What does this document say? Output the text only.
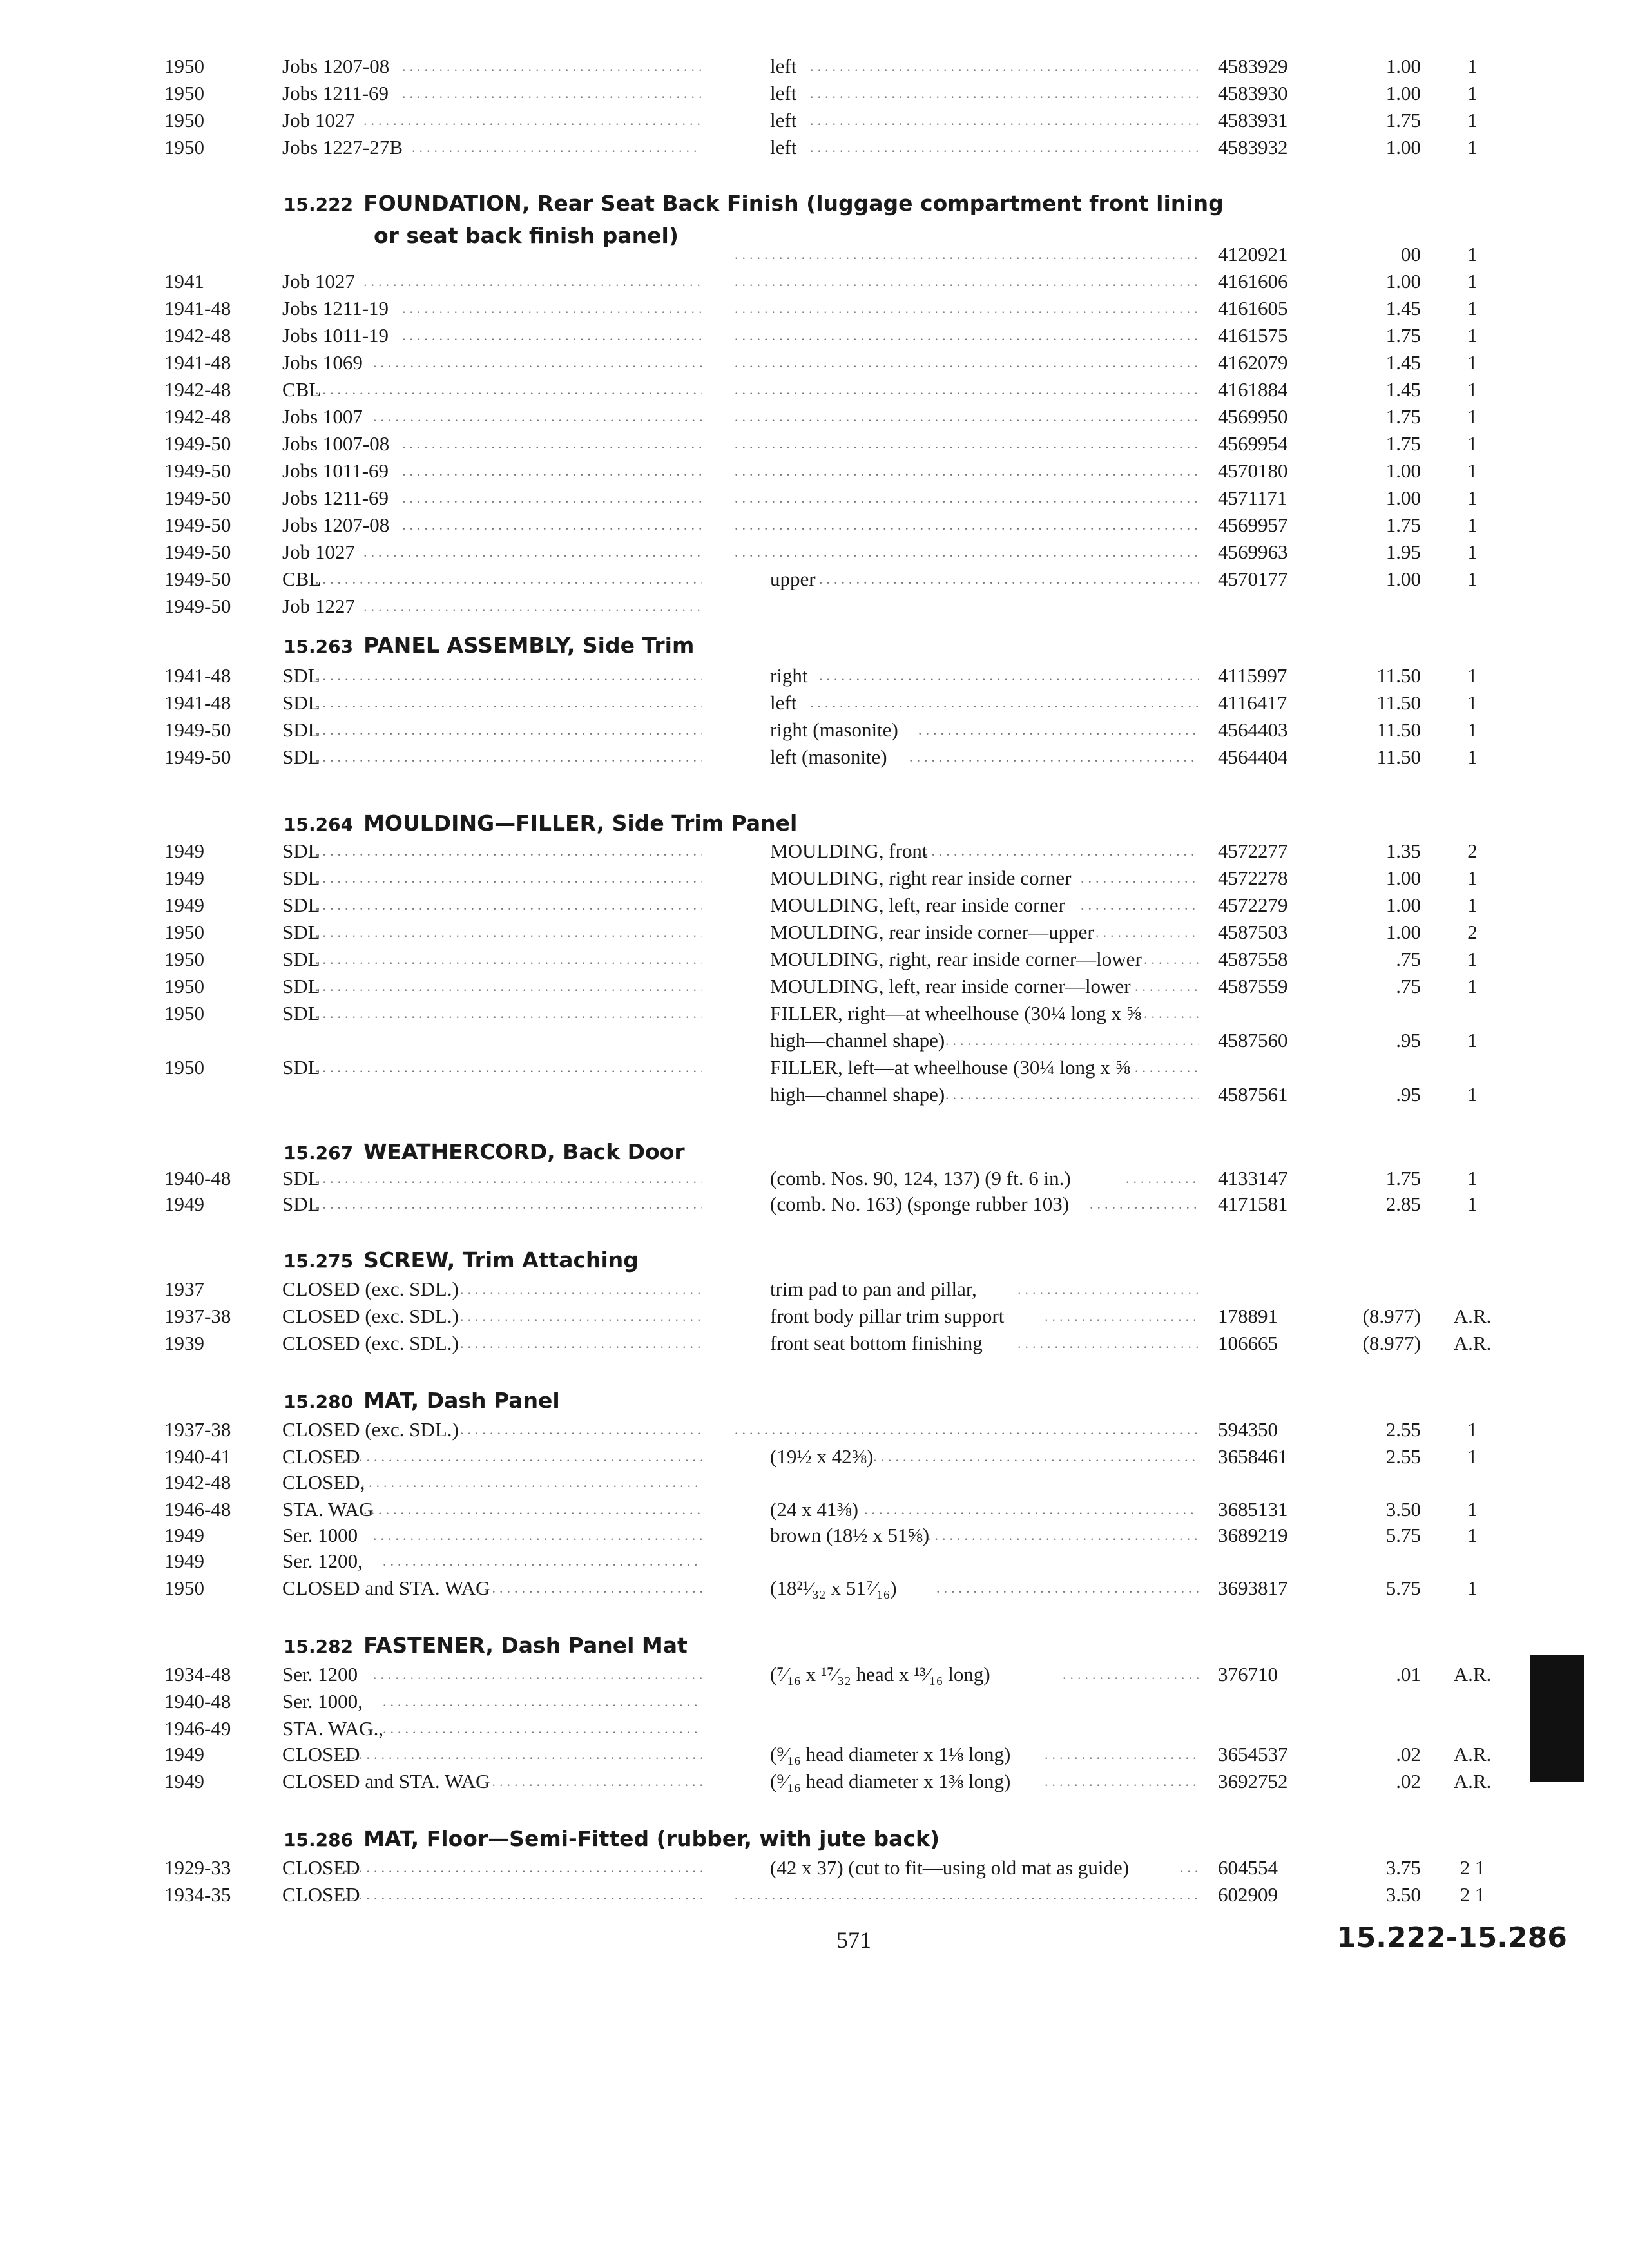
1950	Jobs 1207-08	left	4583929	1.00	1
.....
.....
1950	Jobs 1211-69	left	4583930	1.00	1
.....
.....
1950	Job 1027	left	4583931	1.75	1
.....
.....
1950	Jobs 1227-27B	left	4583932	1.00	1
.....
.....
15.222 FOUNDATION, Rear Seat Back Finish (luggage compartment front lining
or seat back finish panel)
4120921	00	1
.....
1941	Job 1027	4161606	1.00	1
.....
.....
1941-48	Jobs 1211-19	4161605	1.45	1
.....
.....
1942-48	Jobs 1011-19	4161575	1.75	1
.....
.....
1941-48	Jobs 1069	4162079	1.45	1
.....
.....
1942-48	CBL	4161884	1.45	1
.....
.....
1942-48	Jobs 1007	4569950	1.75	1
.....
.....
1949-50	Jobs 1007-08	4569954	1.75	1
.....
.....
1949-50	Jobs 1011-69	4570180	1.00	1
.....
.....
1949-50	Jobs 1211-69	4571171	1.00	1
.....
.....
1949-50	Jobs 1207-08	4569957	1.75	1
.....
.....
1949-50	Job 1027	4569963	1.95	1
.....
.....
1949-50	CBL	upper	4570177	1.00	1
.....
.....
1949-50	Job 1227
.....
15.263 PANEL ASSEMBLY, Side Trim
1941-48	SDL	right	4115997	11.50	1
.....
.....
1941-48	SDL	left	4116417	11.50	1
.....
.....
1949-50	SDL	right (masonite)	4564403	11.50	1
.....
.....
1949-50	SDL	left (masonite)	4564404	11.50	1
.....
.....
15.264 MOULDING—FILLER, Side Trim Panel
1949	SDL	MOULDING, front	4572277	1.35	2
.....
.....
1949	SDL	MOULDING, right rear inside corner	4572278	1.00	1
.....
.....
1949	SDL	MOULDING, left, rear inside corner	4572279	1.00	1
.....
.....
1950	SDL	MOULDING, rear inside corner—upper	4587503	1.00	2
.....
.....
1950	SDL	MOULDING, right, rear inside corner—lower	4587558	.75	1
.....
.....
1950	SDL	MOULDING, left, rear inside corner—lower	4587559	.75	1
.....
.....
1950	SDL	FILLER, right—at wheelhouse (30¼ long x ⅝
.....
.....
high—channel shape)	4587560	.95	1
.....
1950	SDL	FILLER, left—at wheelhouse (30¼ long x ⅝
.....
.....
high—channel shape)	4587561	.95	1
.....
15.267 WEATHERCORD, Back Door
1940-48	SDL	(comb. Nos. 90, 124, 137) (9 ft. 6 in.)	4133147	1.75	1
.....
.....
1949	SDL	(comb. No. 163) (sponge rubber 103)	4171581	2.85	1
.....
.....
15.275 SCREW, Trim Attaching
1937	CLOSED (exc. SDL.)	trim pad to pan and pillar,
.....
.....
1937-38	CLOSED (exc. SDL.)	front body pillar trim support	178891	(8.977) A.R.
.....
.....
1939	CLOSED (exc. SDL.)	front seat bottom finishing	106665	(8.977) A.R.
.....
.....
15.280 MAT, Dash Panel
1937-38	CLOSED (exc. SDL.)	594350	2.55	1
.....
.....
1940-41	CLOSED	(19½ x 42⅜)	3658461	2.55	1
.....
.....
1942-48	CLOSED,
.....
1946-48	STA. WAG	(24 x 41⅜)	3685131	3.50	1
.....
.....
1949	Ser. 1000	brown (18½ x 51⅝)	3689219	5.75	1
.....
.....
1949	Ser. 1200,
.....
1950	CLOSED and STA. WAG	(18²¹⁄₃₂ x 51⁷⁄₁₆)	3693817	5.75	1
.....
.....
15.282 FASTENER, Dash Panel Mat
1934-48	Ser. 1200	(⁷⁄₁₆ x ¹⁷⁄₃₂ head x ¹³⁄₁₆ long)	376710	.01 A.R.
.....
.....
1940-48	Ser. 1000,
.....
1946-49	STA. WAG.,
.....
1949	CLOSED	(⁹⁄₁₆ head diameter x 1⅛ long)	3654537	.02 A.R.
.....
.....
1949	CLOSED and STA. WAG	(⁹⁄₁₆ head diameter x 1⅜ long)	3692752	.02 A.R.
.....
.....
15.286 MAT, Floor—Semi-Fitted (rubber, with jute back)
1929-33	CLOSED	(42 x 37) (cut to fit—using old mat as guide)	604554	3.75	2 1
.....
.....
1934-35	CLOSED	602909	3.50	2 1
.....
.....
571	15.222-15.286
